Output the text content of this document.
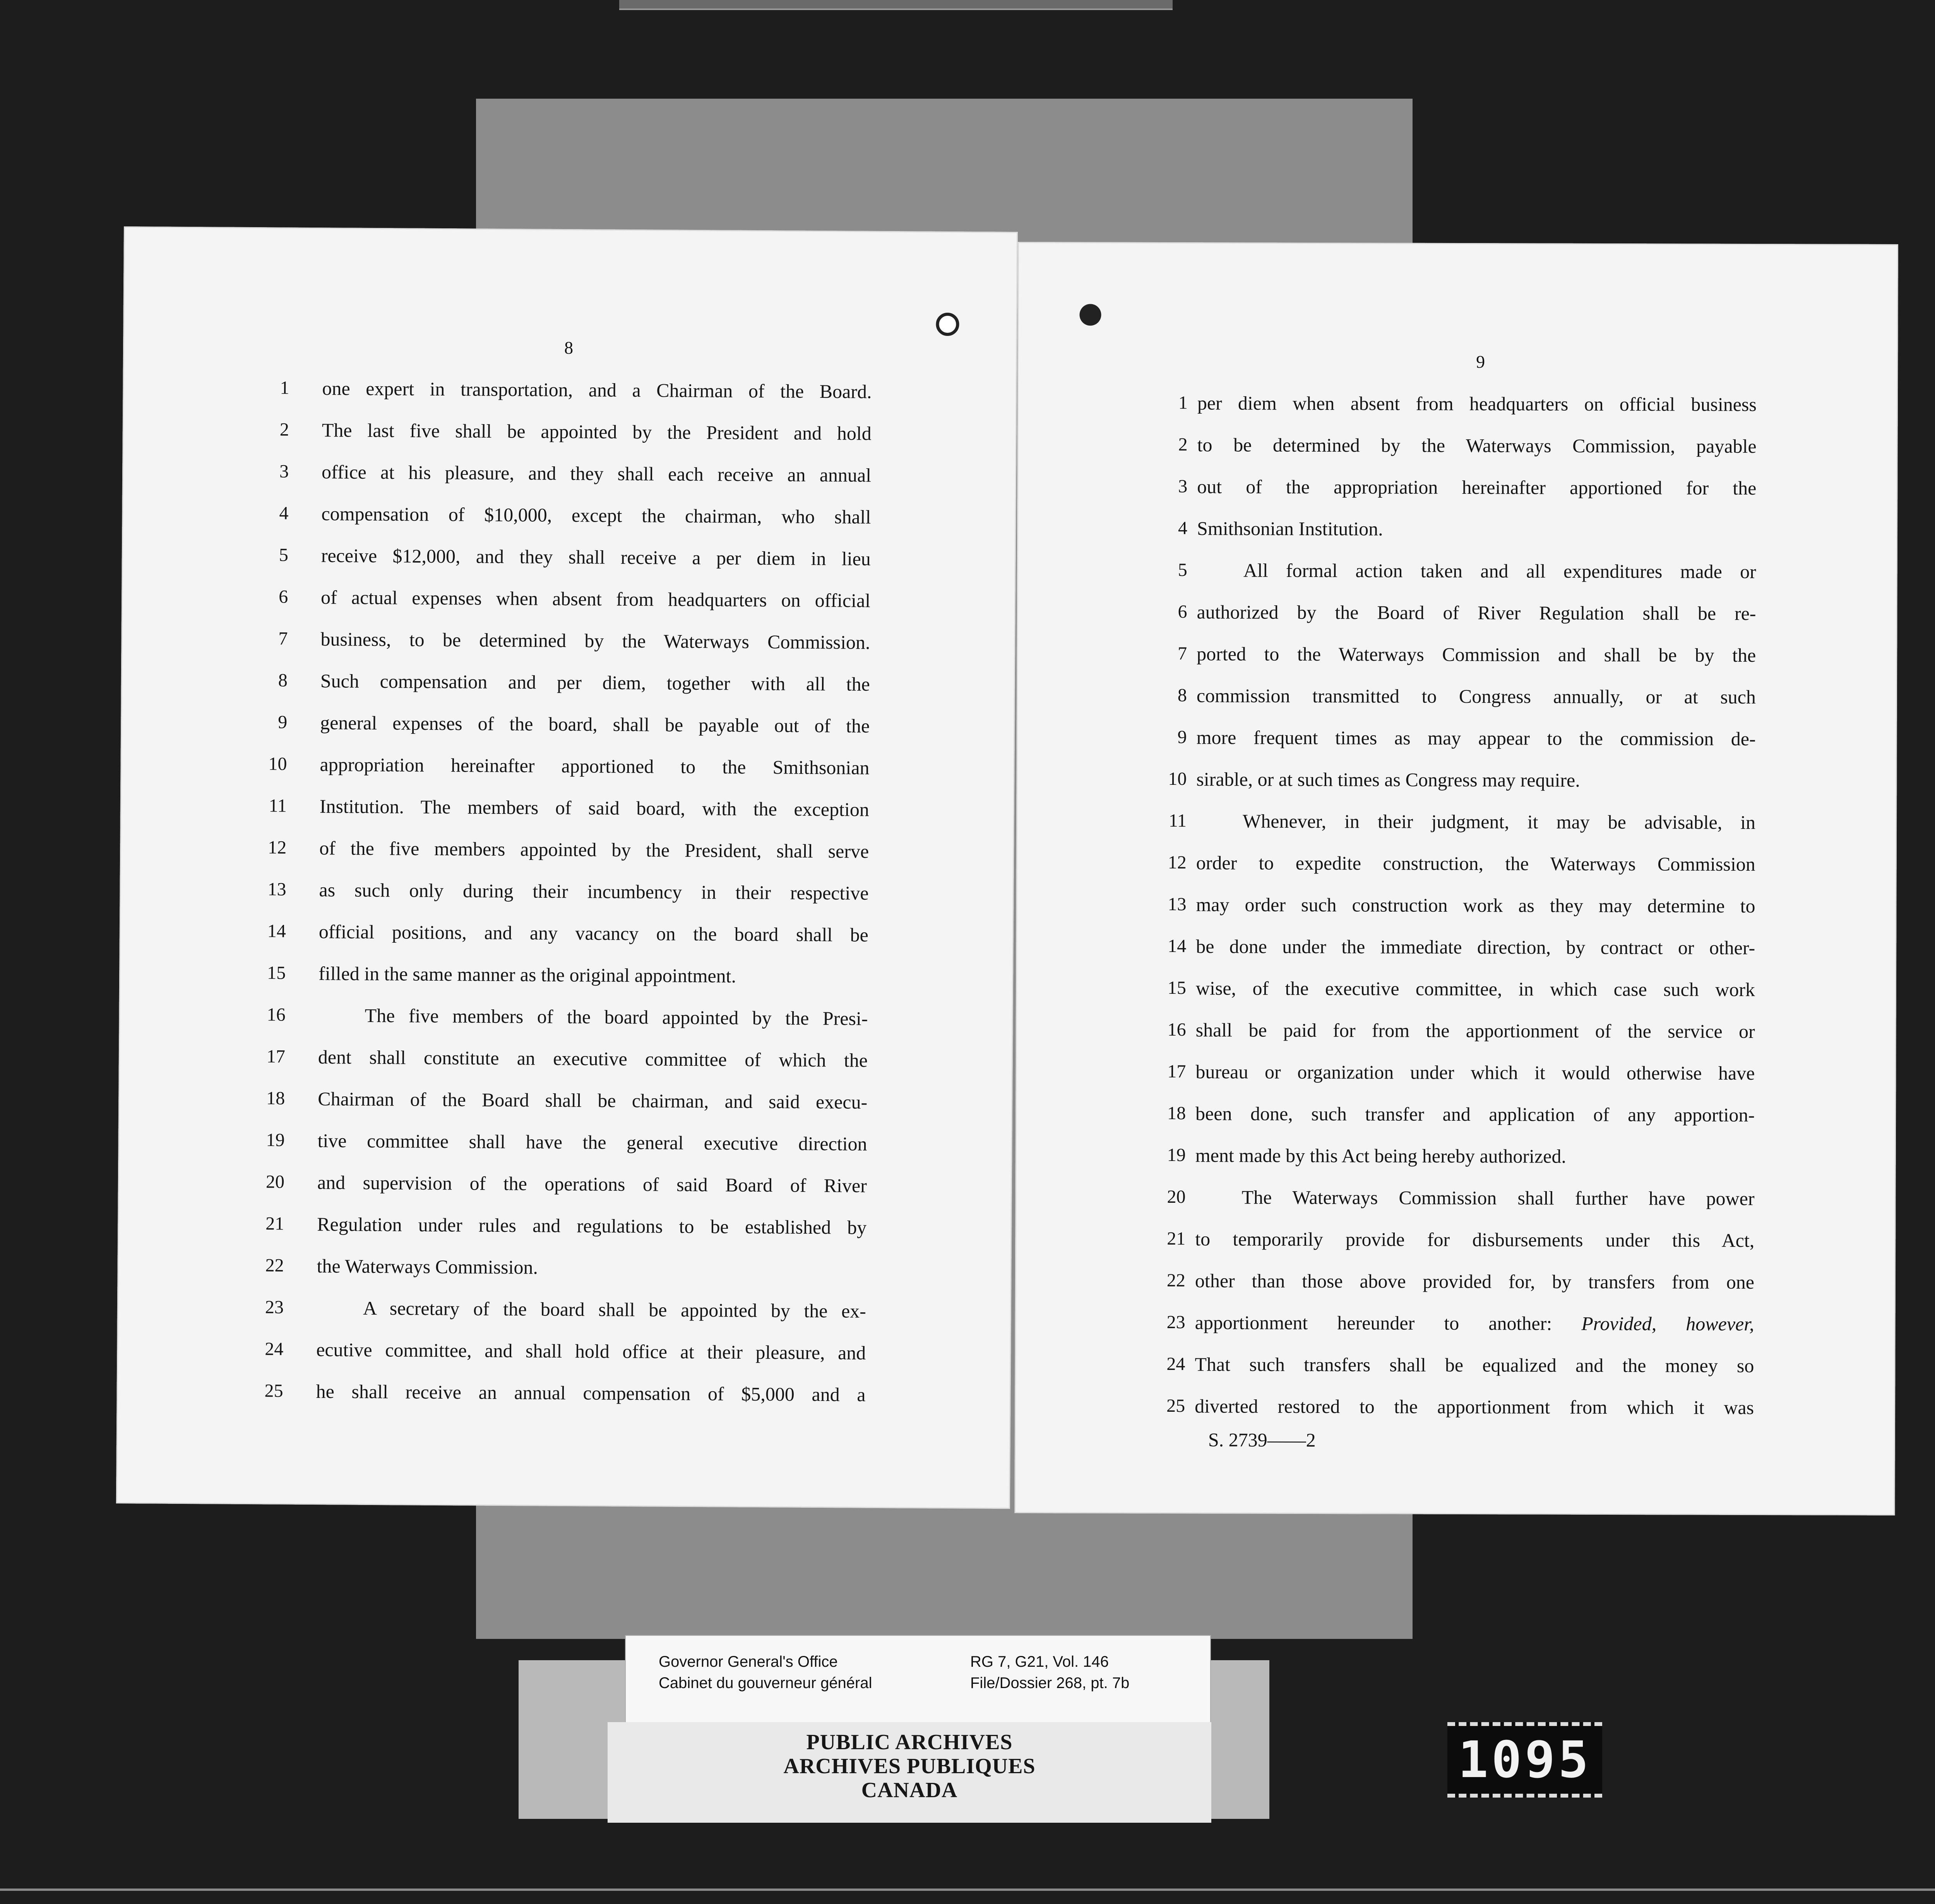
8
1 one expert in transportation, and a Chairman of the Board.
2 The last five shall be appointed by the President and hold
3 office at his pleasure, and they shall each receive an annual
4 compensation of $10,000, except the chairman, who shall
5 receive $12,000, and they shall receive a per diem in lieu
6 of actual expenses when absent from headquarters on official
7 business, to be determined by the Waterways Commission.
8 Such compensation and per diem, together with all the
9 general expenses of the board, shall be payable out of the
10 appropriation hereinafter apportioned to the Smithsonian
11 Institution. The members of said board, with the exception
12 of the five members appointed by the President, shall serve
13 as such only during their incumbency in their respective
14 official positions, and any vacancy on the board shall be
15 filled in the same manner as the original appointment.
16	The five members of the board appointed by the Presi-
17 dent shall constitute an executive committee of which the
18 Chairman of the Board shall be chairman, and said execu-
19 tive committee shall have the general executive direction
20 and supervision of the operations of said Board of River
21 Regulation under rules and regulations to be established by
22 the Waterways Commission.
23	A secretary of the board shall be appointed by the ex-
24 ecutive committee, and shall hold office at their pleasure, and
25 he shall receive an annual compensation of $5,000 and a
9
1 per diem when absent from headquarters on official business
2 to be determined by the Waterways Commission, payable
3 out of the appropriation hereinafter apportioned for the
4 Smithsonian Institution.
5	All formal action taken and all expenditures made or
6 authorized by the Board of River Regulation shall be re-
7 ported to the Waterways Commission and shall be by the
8 commission transmitted to Congress annually, or at such
9 more frequent times as may appear to the commission de-
10 sirable, or at such times as Congress may require.
11	Whenever, in their judgment, it may be advisable, in
12 order to expedite construction, the Waterways Commission
13 may order such construction work as they may determine to
14 be done under the immediate direction, by contract or other-
15 wise, of the executive committee, in which case such work
16 shall be paid for from the apportionment of the service or
17 bureau or organization under which it would otherwise have
18 been done, such transfer and application of any apportion-
19 ment made by this Act being hereby authorized.
20	The Waterways Commission shall further have power
21 to temporarily provide for disbursements under this Act,
22 other than those above provided for, by transfers from one
23 apportionment hereunder to another: Provided, however,
24 That such transfers shall be equalized and the money so
25 diverted restored to the apportionment from which it was
S. 2739——2
Governor General's Office
Cabinet du gouverneur général
RG 7, G21, Vol. 146
File/Dossier 268, pt. 7b
PUBLIC ARCHIVES
ARCHIVES PUBLIQUES
CANADA
1095
